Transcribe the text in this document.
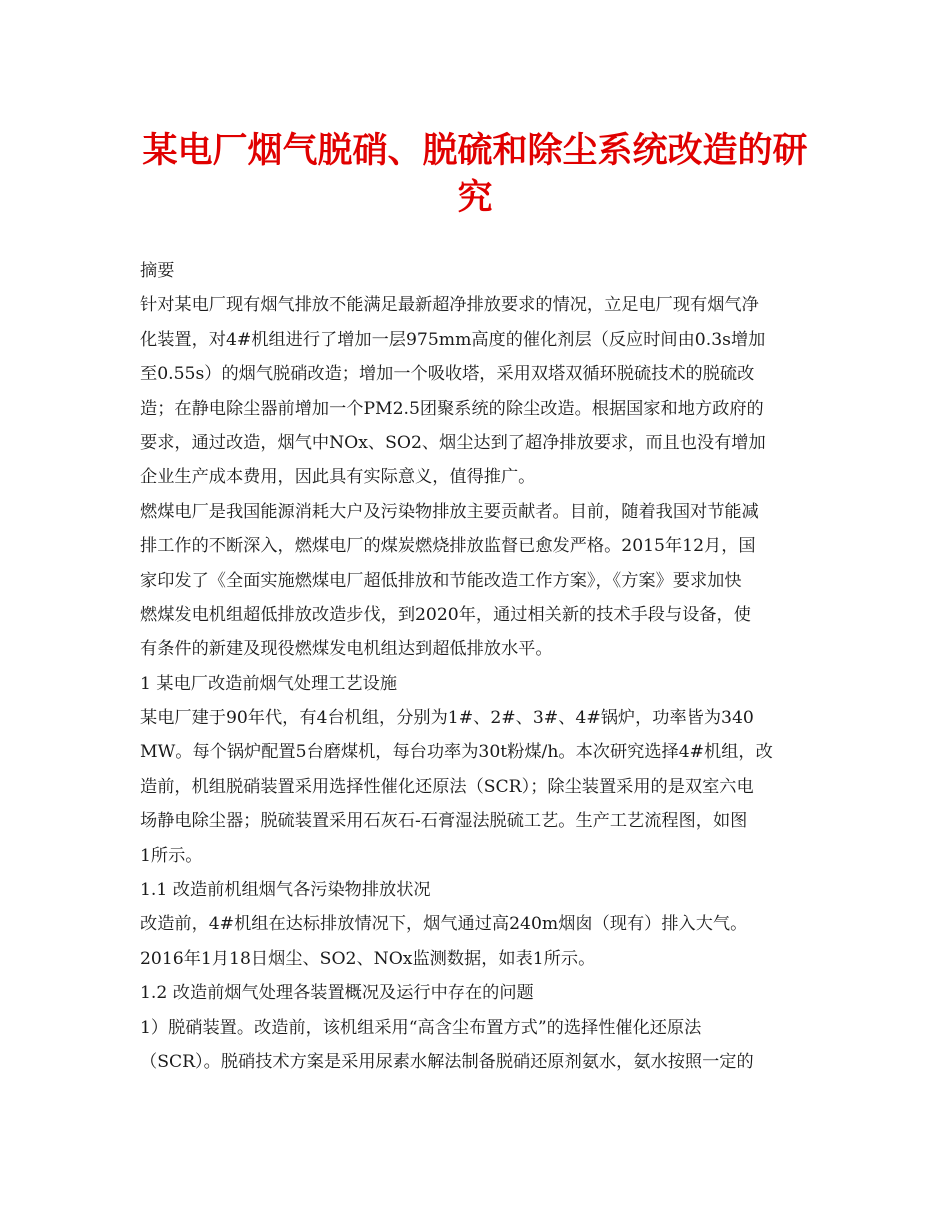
某电厂烟气脱硝、脱硫和除尘系统改造的研
究
摘要
针对某电厂现有烟气排放不能满足最新超净排放要求的情况，立足电厂现有烟气净
化装置，对4#机组进行了增加一层975mm高度的催化剂层（反应时间由0.3s增加
至0.55s）的烟气脱硝改造；增加一个吸收塔，采用双塔双循环脱硫技术的脱硫改
造；在静电除尘器前增加一个PM2.5团聚系统的除尘改造。根据国家和地方政府的
要求，通过改造，烟气中NOx、SO2、烟尘达到了超净排放要求，而且也没有增加
企业生产成本费用，因此具有实际意义，值得推广。
燃煤电厂是我国能源消耗大户及污染物排放主要贡献者。目前，随着我国对节能减
排工作的不断深入，燃煤电厂的煤炭燃烧排放监督已愈发严格。2015年12月，国
家印发了《全面实施燃煤电厂超低排放和节能改造工作方案》，《方案》要求加快
燃煤发电机组超低排放改造步伐，到2020年，通过相关新的技术手段与设备，使
有条件的新建及现役燃煤发电机组达到超低排放水平。
1 某电厂改造前烟气处理工艺设施
某电厂建于90年代，有4台机组，分别为1#、2#、3#、4#锅炉，功率皆为340
MW。每个锅炉配置5台磨煤机，每台功率为30t粉煤/h。本次研究选择4#机组，改
造前，机组脱硝装置采用选择性催化还原法（SCR）；除尘装置采用的是双室六电
场静电除尘器；脱硫装置采用石灰石-石膏湿法脱硫工艺。生产工艺流程图，如图
1所示。
1.1 改造前机组烟气各污染物排放状况
改造前，4#机组在达标排放情况下，烟气通过高240m烟囱（现有）排入大气。
2016年1月18日烟尘、SO2、NOx监测数据，如表1所示。
1.2 改造前烟气处理各装置概况及运行中存在的问题
1）脱硝装置。改造前，该机组采用“高含尘布置方式”的选择性催化还原法
（SCR）。脱硝技术方案是采用尿素水解法制备脱硝还原剂氨水，氨水按照一定的
